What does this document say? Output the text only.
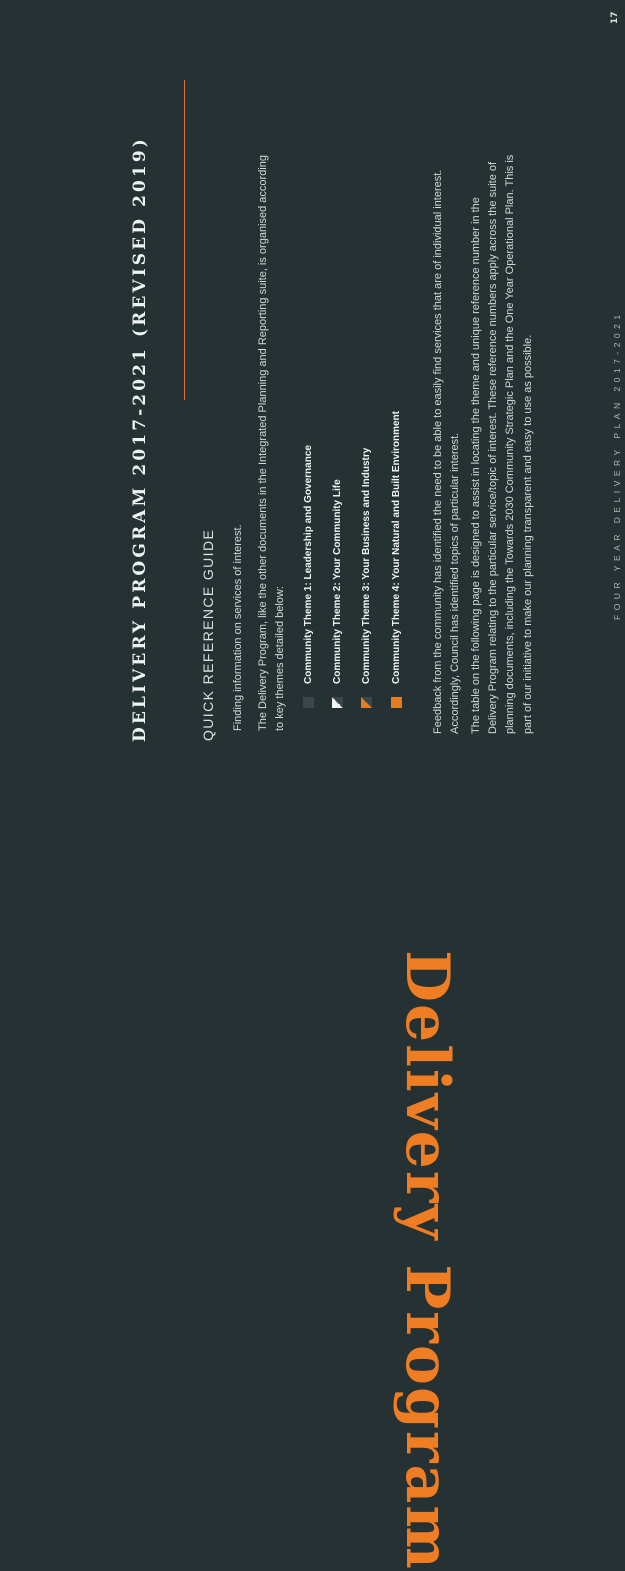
17
FOUR YEAR DELIVERY PLAN 2017-2021
DELIVERY PROGRAM 2017-2021 (REVISED 2019)	QUICK REFERENCE GUIDE Finding information on services of interest. The Delivery Program, like the other documents in the Integrated Planning and Reporting suite, is organised according to key themes detailed below: Community Theme 1: Leadership and Governance Community Theme 2: Your Community Life Community Theme 3: Your Business and Industry Community Theme 4: Your Natural and Built Environment	Feedback from the community has identified the need to be able to easily find services that are of individual interest. Accordingly, Council has identified topics of particular interest. The table on the following page is designed to assist in locating the theme and unique reference number in the Delivery Program relating to the particular service/topic of interest. These reference numbers apply across the suite of planning documents, including the Towards 2030 Community Strategic Plan and the One Year Operational Plan. This is part of our initiative to make our planning transparent and easy to use as possible.
Delivery Program
